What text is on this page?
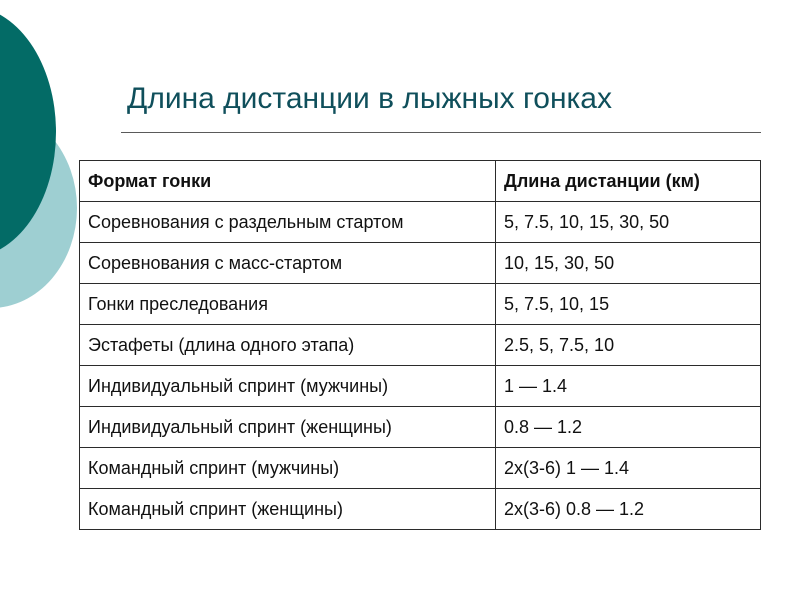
Длина дистанции в лыжных гонках
Формат гонки	Длина дистанции (км)
Соревнования с раздельным стартом	5, 7.5, 10, 15, 30, 50
Соревнования с масс-стартом	10, 15, 30, 50
Гонки преследования	5, 7.5, 10, 15
Эстафеты (длина одного этапа)	2.5, 5, 7.5, 10
Индивидуальный спринт (мужчины)	1 — 1.4
Индивидуальный спринт (женщины)	0.8 — 1.2
Командный спринт (мужчины)	2х(3-6) 1 — 1.4
Командный спринт (женщины)	2х(3-6) 0.8 — 1.2
